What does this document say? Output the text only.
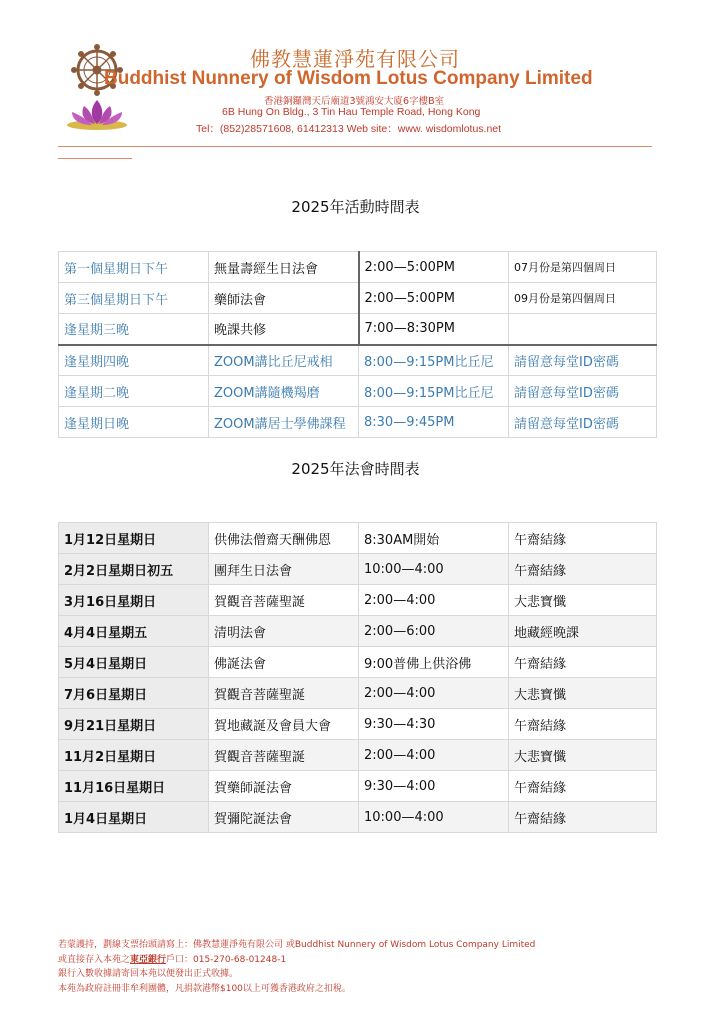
佛教慧蓮淨苑有限公司
Buddhist Nunnery of Wisdom Lotus Company Limited
香港銅鑼灣天后廟道3號鴻安大廈6字樓B室
6B Hung On Bldg., 3 Tin Hau Temple Road, Hong Kong
Tel：(852)28571608, 61412313 Web site：www. wisdomlotus.net
2025年活動時間表
第一個星期日下午	無量壽經生日法會	2:00—5:00PM	07月份是第四個周日
第三個星期日下午	藥師法會	2:00—5:00PM	09月份是第四個周日
逢星期三晚	晚課共修	7:00—8:30PM	
逢星期四晚	ZOOM講比丘尼戒相	8:00—9:15PM比丘尼	請留意每堂ID密碼
逢星期二晚	ZOOM講隨機羯磨	8:00—9:15PM比丘尼	請留意每堂ID密碼
逢星期日晚	ZOOM講居士學佛課程	8:30—9:45PM	請留意每堂ID密碼
2025年法會時間表
1月12日星期日	供佛法僧齋天酬佛恩	8:30AM開始	午齋結緣
2月2日星期日初五	團拜生日法會	10:00—4:00	午齋結緣
3月16日星期日	賀觀音菩薩聖誕	2:00—4:00	大悲寶懺
4月4日星期五	清明法會	2:00—6:00	地藏經晚課
5月4日星期日	佛誕法會	9:00普佛上供浴佛	午齋結緣
7月6日星期日	賀觀音菩薩聖誕	2:00—4:00	大悲寶懺
9月21日星期日	賀地藏誕及會員大會	9:30—4:30	午齋結緣
11月2日星期日	賀觀音菩薩聖誕	2:00—4:00	大悲寶懺
11月16日星期日	賀藥師誕法會	9:30—4:00	午齋結緣
1月4日星期日	賀彌陀誕法會	10:00—4:00	午齋結緣
若蒙護持，劃線支票抬頭請寫上：佛教慧蓮淨苑有限公司 或Buddhist Nunnery of Wisdom Lotus Company Limited
或直接存入本苑之東亞銀行戶口：015-270-68-01248-1
銀行入數收據請寄回本苑以便發出正式收據。
本苑為政府註冊非牟利團體，凡捐款港幣$100以上可獲香港政府之扣稅。
